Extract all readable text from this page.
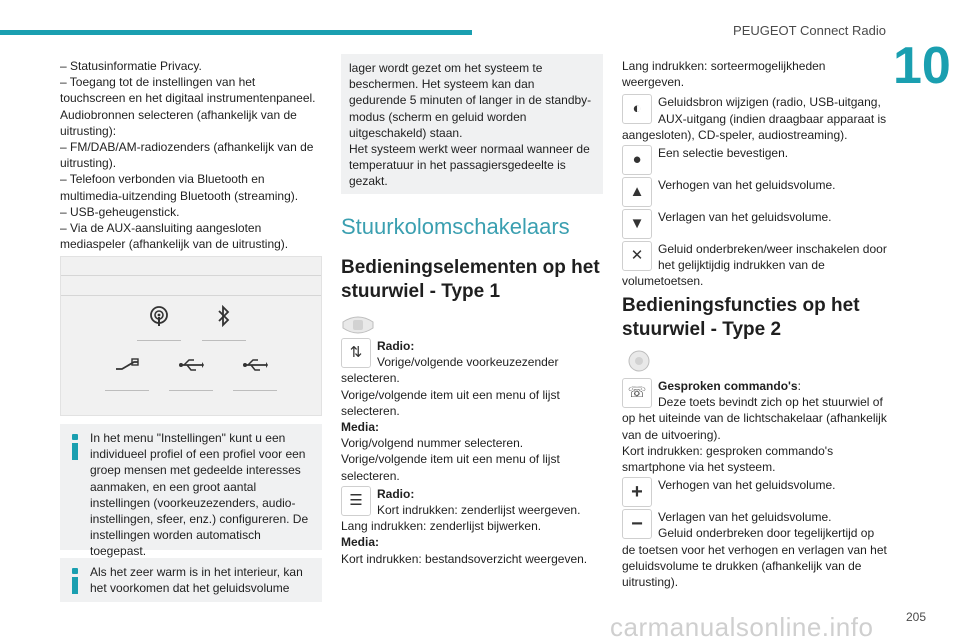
PEUGEOT Connect Radio
10

– Statusinformatie Privacy.

– Toegang tot de instellingen van het touchscreen en het digitaal instrumentenpaneel.

Audiobronnen selecteren (afhankelijk van de uitrusting):

– FM/DAB/AM-radiozenders (afhankelijk van de uitrusting).

– Telefoon verbonden via Bluetooth en multimedia-uitzending Bluetooth (streaming).

– USB-geheugenstick.

– Via de AUX-aansluiting aangesloten mediaspeler (afhankelijk van de uitrusting).

In het menu "Instellingen" kunt u een individueel profiel of een profiel voor een groep mensen met gedeelde interesses aanmaken, en een groot aantal instellingen (voorkeuzezenders, audio-instellingen, sfeer, enz.) configureren. De instellingen worden automatisch toegepast.

Als het zeer warm is in het interieur, kan het voorkomen dat het geluidsvolume

lager wordt gezet om het systeem te beschermen. Het systeem kan dan gedurende 5 minuten of langer in de standby-modus (scherm en geluid worden uitgeschakeld) staan.

Het systeem werkt weer normaal wanneer de temperatuur in het passagiersgedeelte is gezakt.

Stuurkolomschakelaars
Bedieningselementen op het stuurwiel - Type 1
⇅	Radio:
Vorige/volgende voorkeuzezender selecteren.
Vorige/volgende item uit een menu of lijst selecteren.
Media:
Vorig/volgend nummer selecteren.
Vorige/volgende item uit een menu of lijst selecteren.
☰	Radio:
Kort indrukken: zenderlijst weergeven.
Lang indrukken: zenderlijst bijwerken.
Media:
Kort indrukken: bestandsoverzicht weergeven.

Lang indrukken: sorteermogelijkheden weergeven.

◐	Geluidsbron wijzigen (radio, USB-uitgang, AUX-uitgang (indien draagbaar apparaat is aangesloten), CD-speler, audiostreaming).
●	Een selectie bevestigen.
▲	Verhogen van het geluidsvolume.
▼	Verlagen van het geluidsvolume.
✕	Geluid onderbreken/weer inschakelen door het gelijktijdig indrukken van de volumetoetsen.
Bedieningsfuncties op het stuurwiel - Type 2
☏ Gesproken commando's:
Deze toets bevindt zich op het stuurwiel of op het uiteinde van de lichtschakelaar (afhankelijk van de uitvoering).
Kort indrukken: gesproken commando's smartphone via het systeem.
+	Verhogen van het geluidsvolume.
−	Verlagen van het geluidsvolume.
Geluid onderbreken door tegelijkertijd op de toetsen voor het verhogen en verlagen van het geluidsvolume te drukken (afhankelijk van de uitrusting).
carmanualsonline.info	205
